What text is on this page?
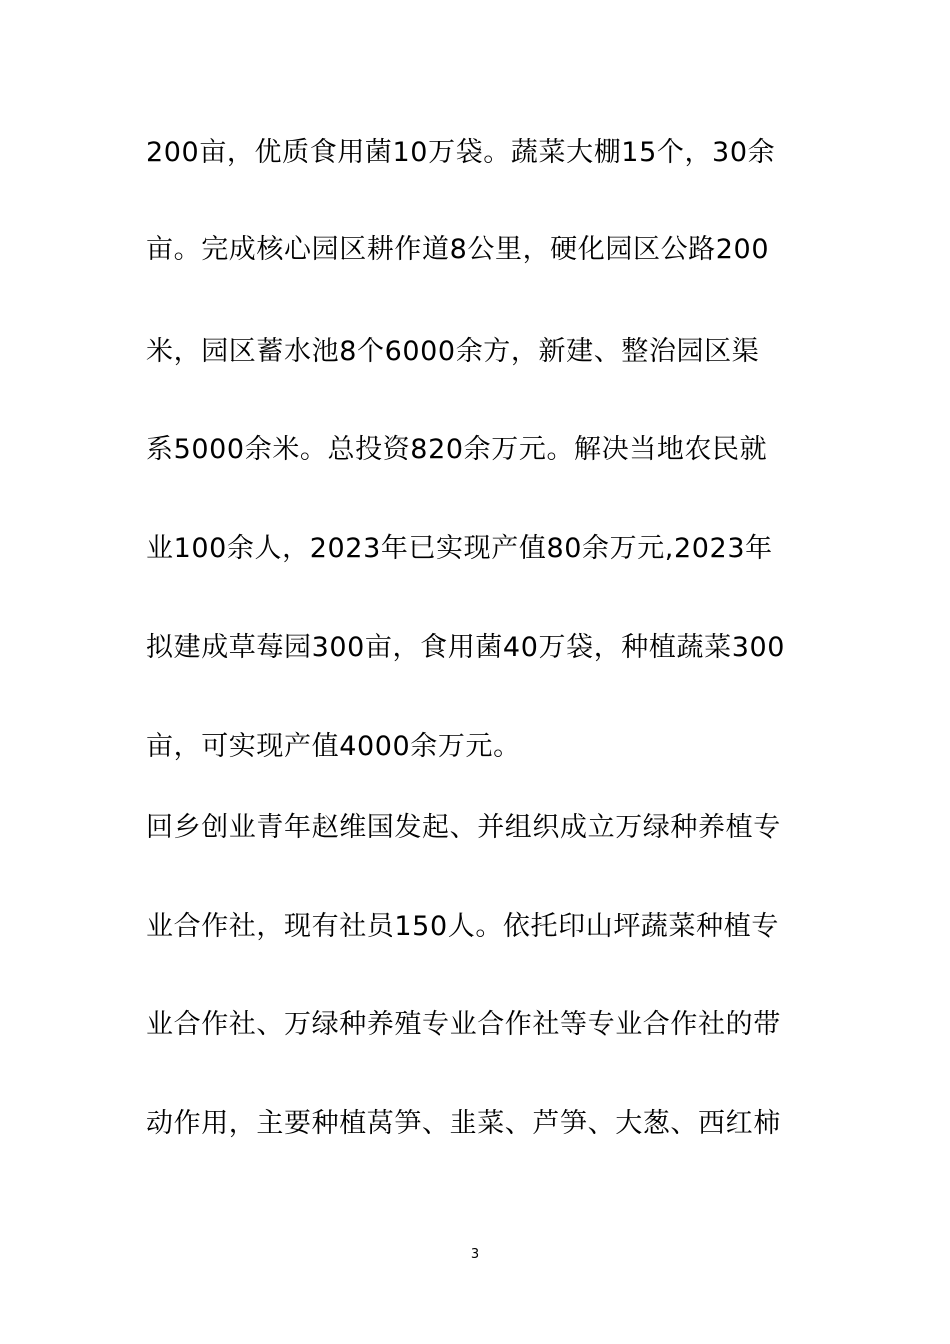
200亩，优质食用菌10万袋。蔬菜大棚15个，30余
亩。完成核心园区耕作道8公里，硬化园区公路200
米，园区蓄水池8个6000余方，新建、整治园区渠
系5000余米。总投资820余万元。解决当地农民就
业100余人，2023年已实现产值80余万元,2023年
拟建成草莓园300亩，食用菌40万袋，种植蔬菜300
亩，可实现产值4000余万元。
回乡创业青年赵维国发起、并组织成立万绿种养植专
业合作社，现有社员150人。依托印山坪蔬菜种植专
业合作社、万绿种养殖专业合作社等专业合作社的带
动作用，主要种植莴笋、韭菜、芦笋、大葱、西红柿
3
